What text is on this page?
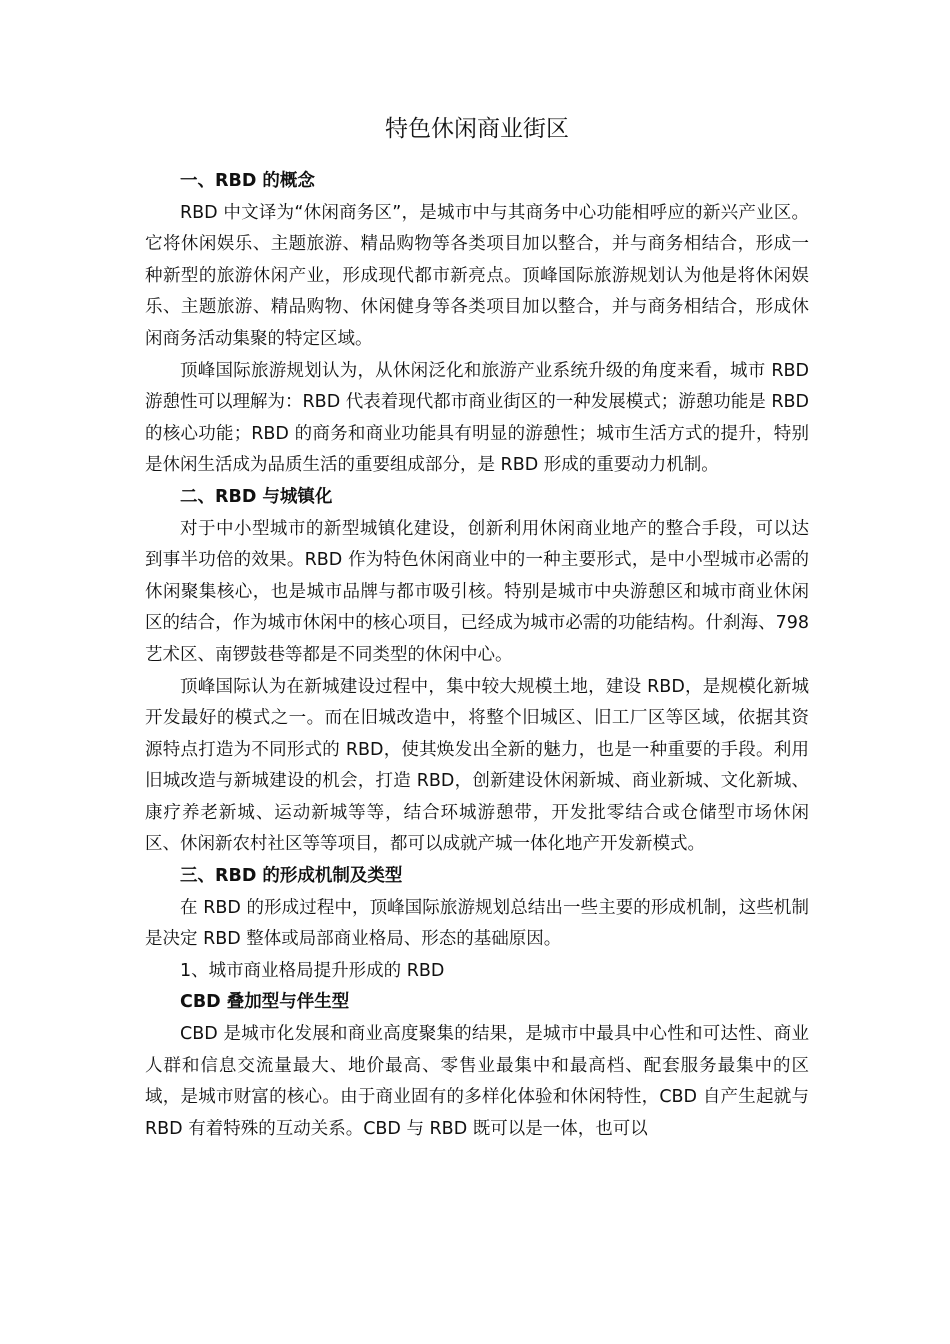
特色休闲商业街区

一、RBD 的概念

RBD 中文译为“休闲商务区”，是城市中与其商务中心功能相呼应的新兴产业区。它将休闲娱乐、主题旅游、精品购物等各类项目加以整合，并与商务相结合，形成一种新型的旅游休闲产业，形成现代都市新亮点。顶峰国际旅游规划认为他是将休闲娱乐、主题旅游、精品购物、休闲健身等各类项目加以整合，并与商务相结合，形成休闲商务活动集聚的特定区域。

顶峰国际旅游规划认为，从休闲泛化和旅游产业系统升级的角度来看，城市 RBD 游憩性可以理解为：RBD 代表着现代都市商业街区的一种发展模式；游憩功能是 RBD 的核心功能；RBD 的商务和商业功能具有明显的游憩性；城市生活方式的提升，特别是休闲生活成为品质生活的重要组成部分，是 RBD 形成的重要动力机制。

二、RBD 与城镇化

对于中小型城市的新型城镇化建设，创新利用休闲商业地产的整合手段，可以达到事半功倍的效果。RBD 作为特色休闲商业中的一种主要形式，是中小型城市必需的休闲聚集核心，也是城市品牌与都市吸引核。特别是城市中央游憩区和城市商业休闲区的结合，作为城市休闲中的核心项目，已经成为城市必需的功能结构。什刹海、798 艺术区、南锣鼓巷等都是不同类型的休闲中心。

顶峰国际认为在新城建设过程中，集中较大规模土地，建设 RBD，是规模化新城开发最好的模式之一。而在旧城改造中，将整个旧城区、旧工厂区等区域，依据其资源特点打造为不同形式的 RBD，使其焕发出全新的魅力，也是一种重要的手段。利用旧城改造与新城建设的机会，打造 RBD，创新建设休闲新城、商业新城、文化新城、康疗养老新城、运动新城等等，结合环城游憩带，开发批零结合或仓储型市场休闲区、休闲新农村社区等等项目，都可以成就产城一体化地产开发新模式。

三、RBD 的形成机制及类型

在 RBD 的形成过程中，顶峰国际旅游规划总结出一些主要的形成机制，这些机制是决定 RBD 整体或局部商业格局、形态的基础原因。

1、城市商业格局提升形成的 RBD

CBD 叠加型与伴生型

CBD 是城市化发展和商业高度聚集的结果，是城市中最具中心性和可达性、商业人群和信息交流量最大、地价最高、零售业最集中和最高档、配套服务最集中的区域，是城市财富的核心。由于商业固有的多样化体验和休闲特性，CBD 自产生起就与 RBD 有着特殊的互动关系。CBD 与 RBD 既可以是一体，也可以
